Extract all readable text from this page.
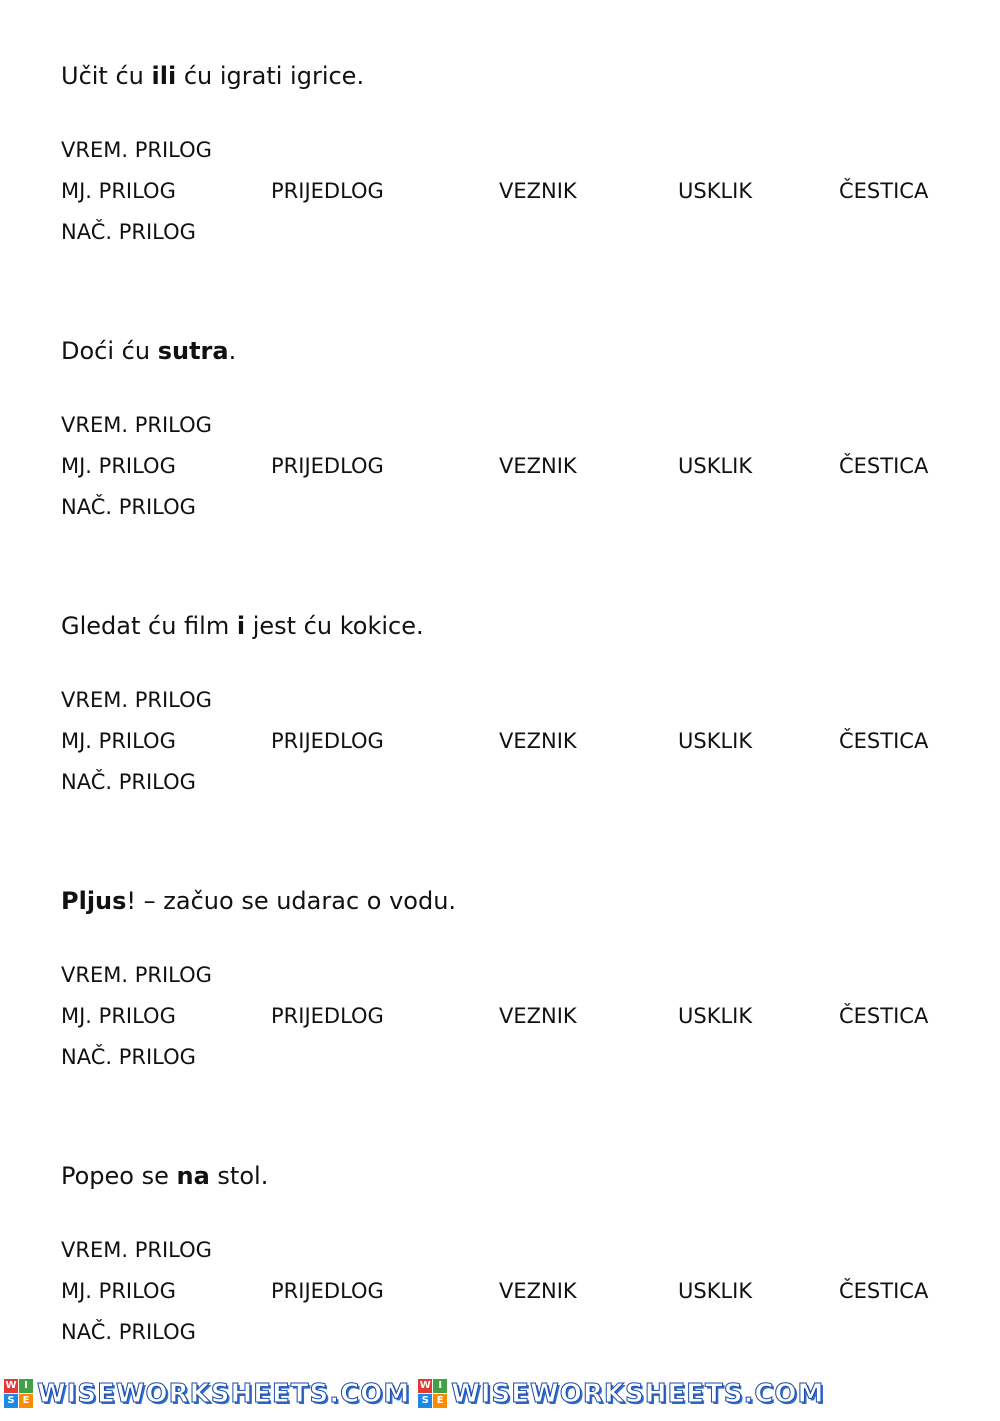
Učit ću ili ću igrati igrice.

VREM. PRILOG
MJ. PRILOG
NAČ. PRILOG
PRIJEDLOG	VEZNIK	USKLIK	ČESTICA

Doći ću sutra.

VREM. PRILOG
MJ. PRILOG
NAČ. PRILOG
PRIJEDLOG	VEZNIK	USKLIK	ČESTICA

Gledat ću film i jest ću kokice.

VREM. PRILOG
MJ. PRILOG
NAČ. PRILOG
PRIJEDLOG	VEZNIK	USKLIK	ČESTICA

Pljus! – začuo se udarac o vodu.

VREM. PRILOG
MJ. PRILOG
NAČ. PRILOG
PRIJEDLOG	VEZNIK	USKLIK	ČESTICA

Popeo se na stol.

VREM. PRILOG
MJ. PRILOG
NAČ. PRILOG
PRIJEDLOG	VEZNIK	USKLIK	ČESTICA
W I
S E WISEWORKSHEETS.COM W I
S E WISEWORKSHEETS.COM
